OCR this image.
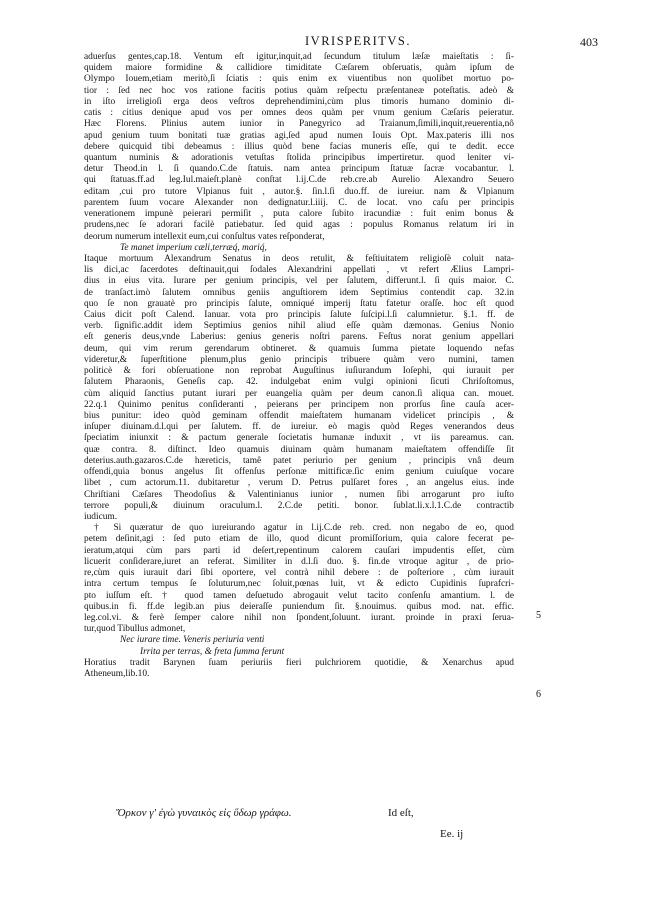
IVRISPERITVS.	403
aduerſus gentes,cap.18. Ventum eſt igitur,inquit,ad ſecundum titulum læſæ maieſtatis : ſi-
quidem maiore formidine & callidiore timiditate Cæſarem obſeruatis, quàm ipſum de
Olympo Iouem,etiam meritò,ſi ſciatis : quis enim ex viuentibus non quolibet mortuo po-
tior : ſed nec hoc vos ratione facitis potius quàm reſpectu præſentaneæ poteſtatis. adeò &
in iſto irreligioſi erga deos veſtros deprehendimini,cùm plus timoris humano dominio di-
catis : citius denique apud vos per omnes deos quàm per vnum genium Cæſaris peieratur.
Hæc Florens. Plinius autem iunior in Panegyrico ad Traianum,ſimili,inquit,reuerentia,nô
apud genium tuum bonitati tuæ gratias agi,ſed apud numen Iouis Opt. Max.pateris illi nos
debere quicquid tibi debeamus : illius quòd bene facias muneris eſſe, qui te dedit. ecce
quantum numinis & adorationis vetuſtas ſtolida principibus impertiretur. quod leniter vi-
detur Theod.in l. ſi quando.C.de ſtatuis. nam antea principum ſtatuæ ſacræ vocabantur. l.
qui ſtatuas.ff.ad leg.Iul.maieſt.planè conſtat l.ij.C.de reb.cre.ab Aurelio Alexandro Seuero
editam ,cui pro tutore Vlpianus fuit , autor.§. ſin.l.ſi duo.ff. de iureiur. nam & Vlpianum
parentem ſuum vocare Alexander non dedignatur.l.iiij. C. de locat. vno caſu per principis
venerationem impunè peierari permiſit , puta calore ſubito iracundiæ : fuit enim bonus &
prudens,nec ſe adorari facilè patiebatur. ſed quid agas : populus Romanus relatum iri in
deorum numerum intellexit eum,cui conſultus vates reſponderat,
Te manet imperium cæli,terræq́, mariq́,
Itaque mortuum Alexandrum Senatus in deos retulit, & feſtiuitatem religioſè coluit nata-
lis dici,ac ſacerdotes deſtinauit,qui ſodales Alexandrini appellati , vt refert Ælius Lampri-
dius in eius vita. Iurare per genium principis, vel per ſalutem, differunt.l. ſi quis maior. C.
de tranſact.imò ſalutem omnibus geniis anguſtiorem idem Septimius contendit cap. 32.in
quo ſe non grauatè pro principis ſalute, omniqué imperij ſtatu fatetur oraſſe. hoc eſt quod
Caius dicit poſt Calend. Ianuar. vota pro principis ſalute ſuſcipi.l.ſi calumnietur. §.1. ff. de
verb. ſignific.addit idem Septimius genios nihil aliud eſſe quàm dæmonas. Genius Nonio
eſt generis deus,vnde Laberius: genius generis noſtri parens. Feſtus norat genium appellari
deum, qui vim rerum gerendarum obtineret. & quamuis ſumma pietate loquendo nefas
videretur,& ſuperſtitione plenum,plus genio principis tribuere quàm vero numini, tamen
politicè & fori obſeruatione non reprobat Auguſtinus iuſiurandum Ioſephi, qui iurauit per
ſalutem Pharaonis, Geneſis cap. 42. indulgebat enim vulgi opinioni ſicuti Chriſoſtomus,
cùm aliquid ſanctius putant iurari per euangelia quàm per deum canon.ſi aliqua can. mouet.
22.q.1 Quinimo penitus conſideranti , peierans per principem non prorſus ſine cauſa acer-
bius punitur: ideo quòd geminam offendit maieſtatem humanam videlicet principis , &
inſuper diuinam.d.l.qui per ſalutem. ff. de iureiur. eò magis quòd Reges venerandos deus
ſpeciatim iniunxit : & pactum generale ſocietatis humanæ induxit , vt iis pareamus. can.
quæ contra. 8. diſtinct. Ideo quamuis diuinam quàm humanam maieſtatem offendiſſe ſit
deterius.auth.gazaros.C.de hæreticis, tamê patet periurio per genium , principis vnâ deum
offendi,quia bonus angelus ſit offenſus perſonæ mittificæ.ſic enim genium cuiuſque vocare
libet , cum actorum.11. dubitaretur , verum D. Petrus pulſaret fores , an angelus eius. inde
Chriſtiani Cæſares Theodoſius & Valentinianus iunior , numen ſibi arrogarunt pro iuſto
terrore populi,& diuinum oraculum.l. 2.C.de petiti. bonor. ſublat.li.x.l.1.C.de contractib
iudicum.
† Si quæratur de quo iureiurando agatur in l.ij.C.de reb. cred. non negabo de eo, quod
petem deſinit,agi : ſed puto etiam de illo, quod dicunt promiſſorium, quia calore fecerat pe-
ieratum,atqui cùm pars parti id deſert,repentinum calorem cauſari impudentis eſſet, cùm
licuerit conſiderare,iuret an referat. Similiter in d.l.ſi duo. §. fin.de vtroque agitur , de prio-
re,cùm quis iurauit dari ſibi oportere, vel contrà nihil debere : de poſteriore , cùm iurauit
intra certum tempus ſe ſoluturum,nec ſoluit,pœnas luit, vt & edicto Cupidinis ſuprafcri-
pto iuſſum eſt. † quod tamen deſuetudo abrogauit velut tacito conſenſu amantium. l. de
quibus.in fi. ff.de legib.an pius deieraſſe puniendum ſit. §.nouimus. quibus mod. nat. effic.
leg.col.vi. & ferè ſemper calore nihil non ſpondent,ſoluunt. iurant. proinde in praxi ſerua-
tur,quod Tibullus admonet,
Nec iurare time. Veneris periuria venti
Irrita per terras, & freta ſumma ferunt
Horatius tradit Barynen ſuam periuriis fieri pulchriorem quotidie, & Xenarchus apud
Atheneum,lib.10.
5
6
Ὅρκον γ' ἐγὼ γυναικὸς εἰς ὕδωρ γράφω.	Id eſt,
Ee. ij
